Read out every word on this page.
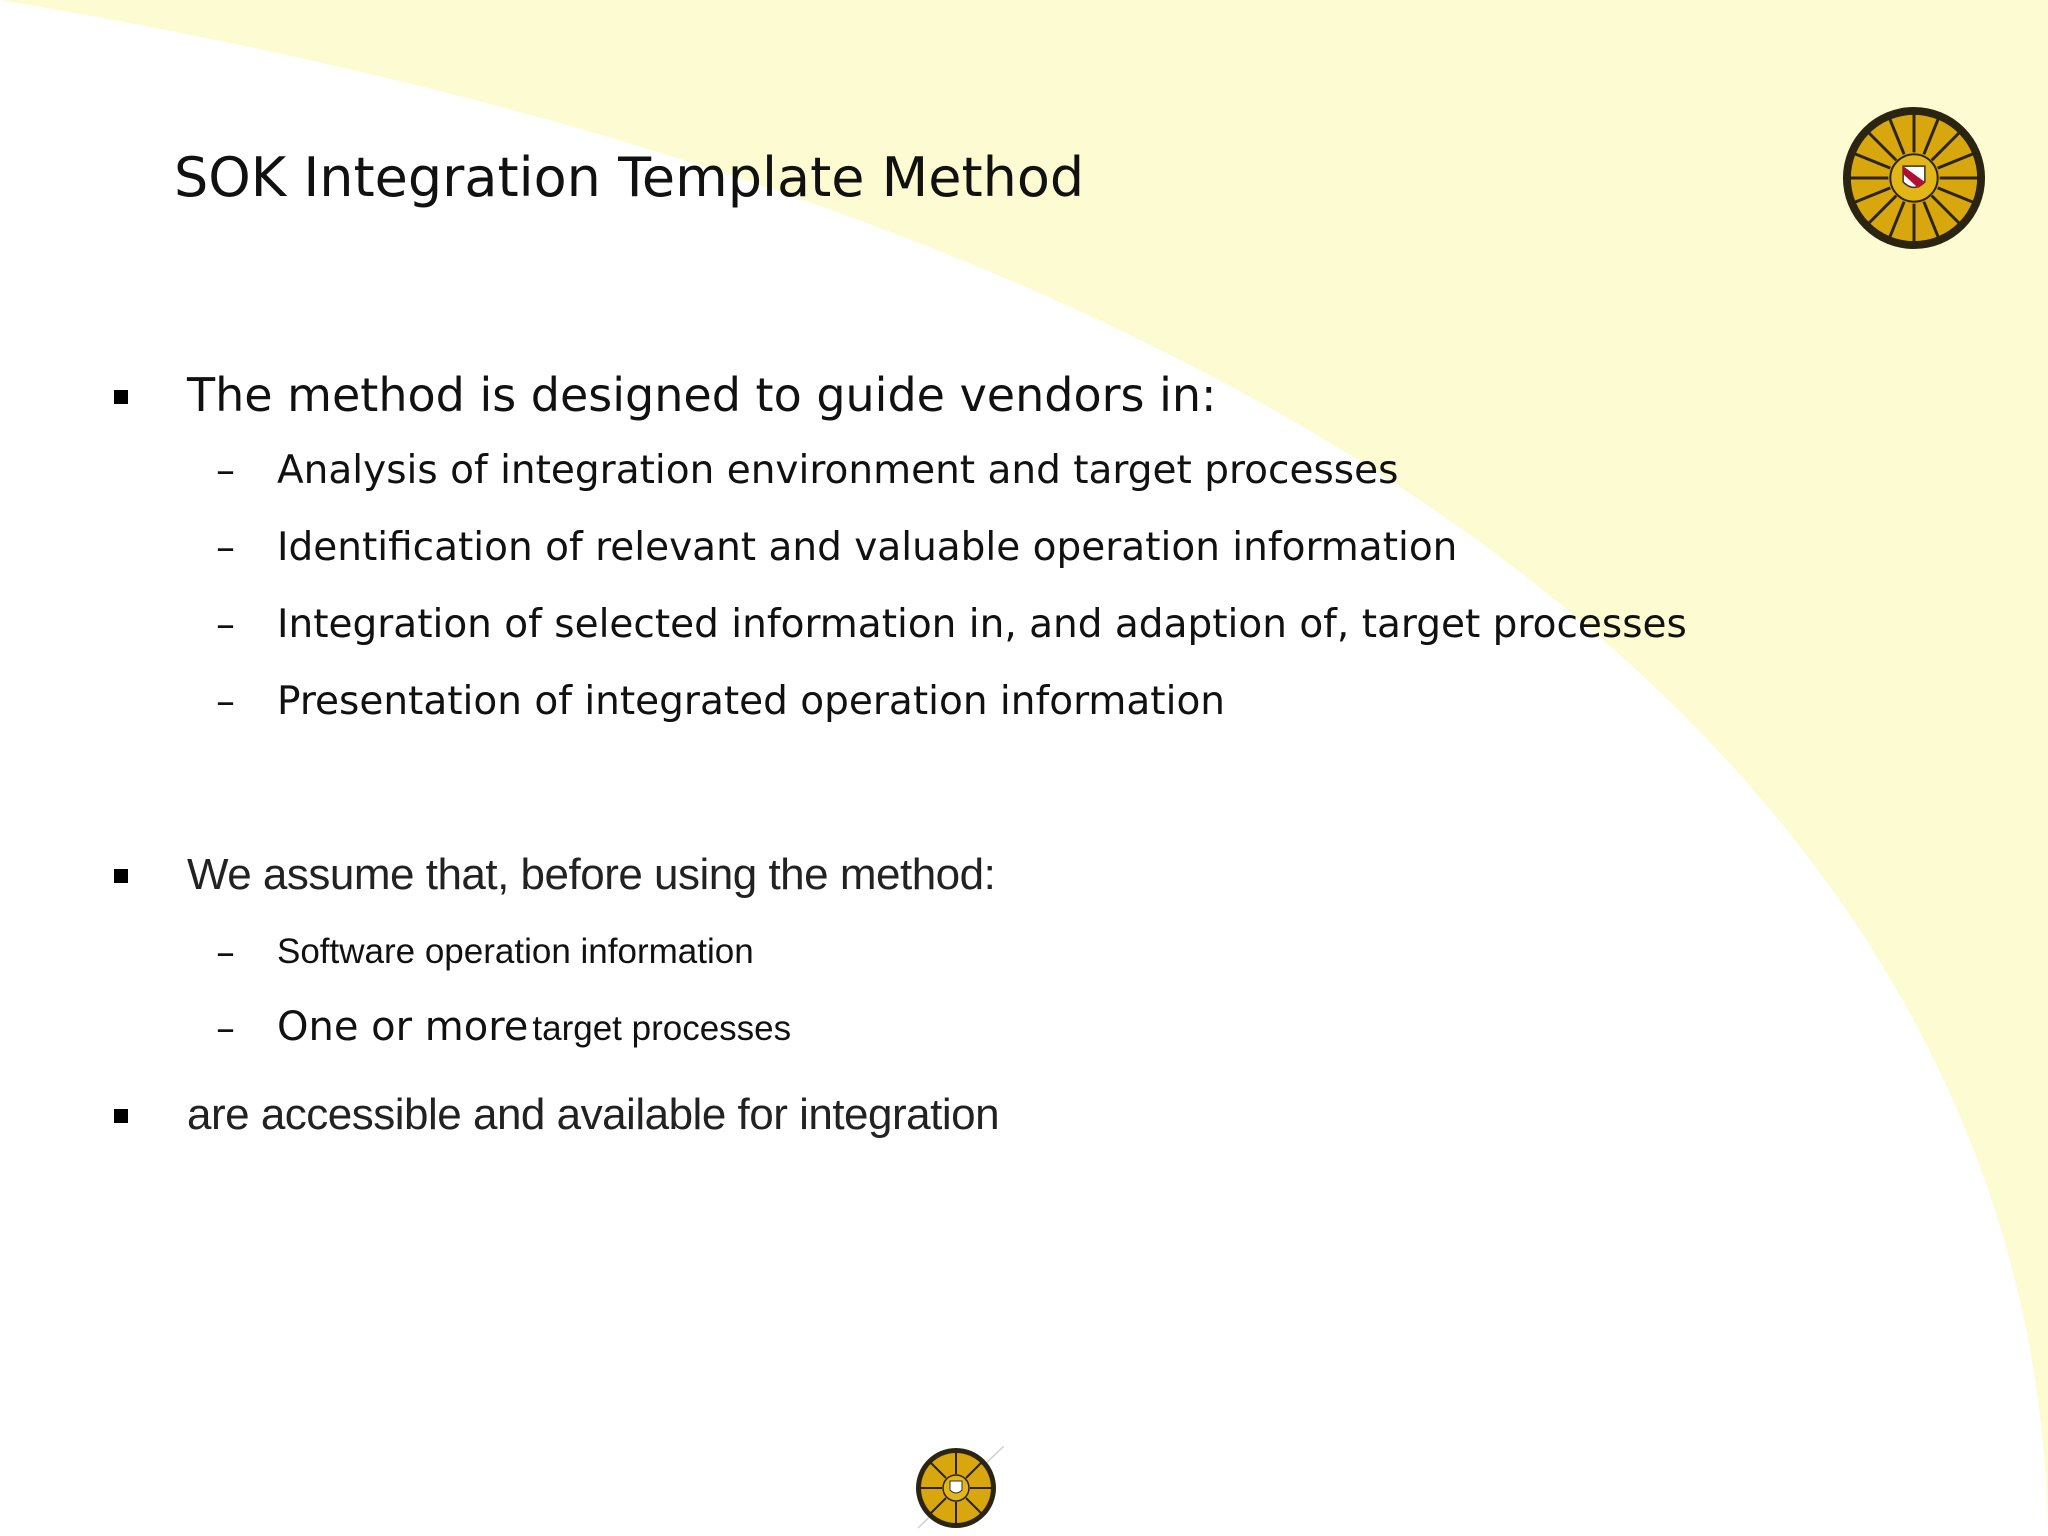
SOK Integration Template Method
The method is designed to guide vendors in:
– Analysis of integration environment and target processes
– Identification of relevant and valuable operation information
– Integration of selected information in, and adaption of, target processes
– Presentation of integrated operation information
We assume that, before using the method:
– Software operation information
– One or more target processes
are accessible and available for integration
